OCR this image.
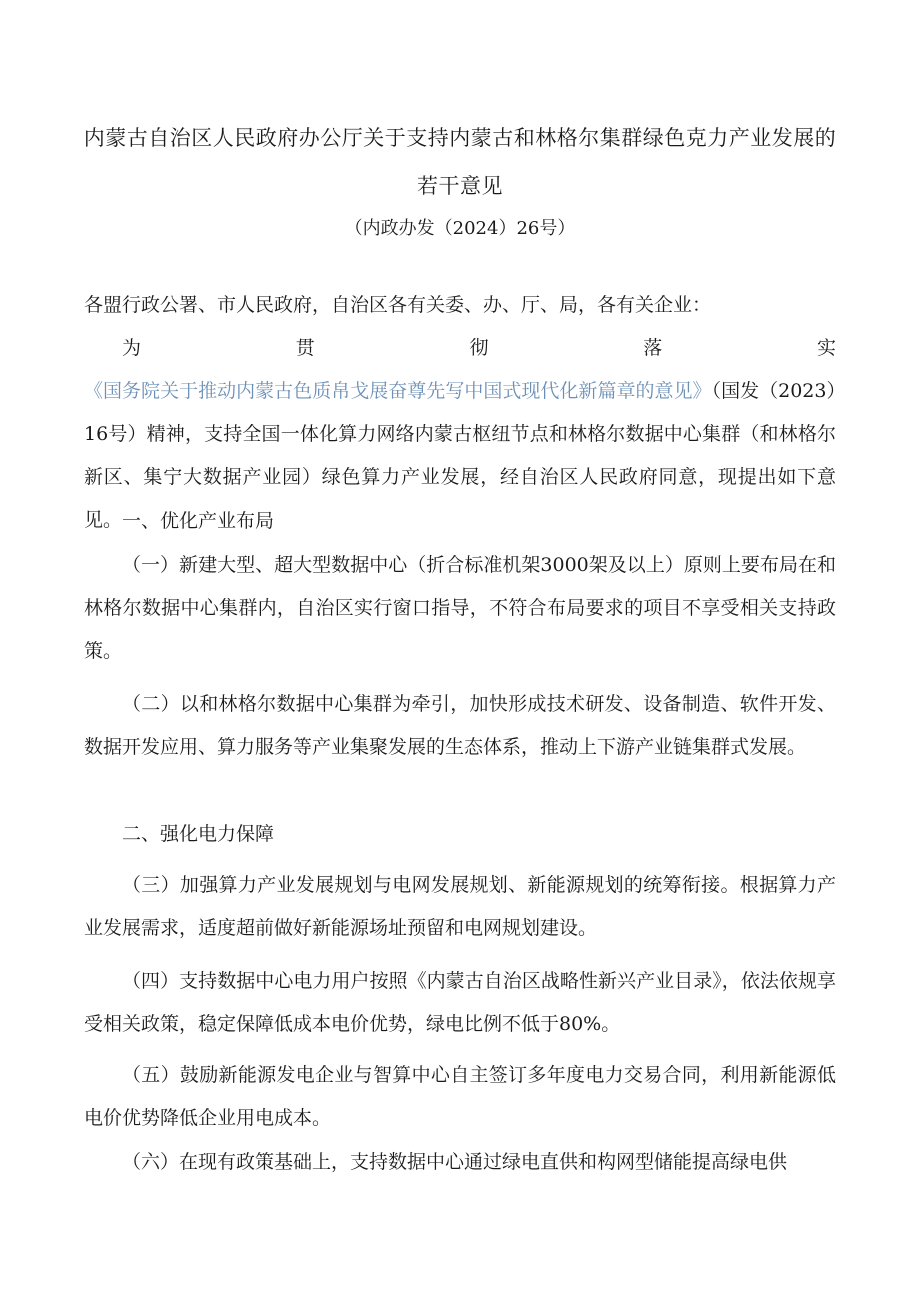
内蒙古自治区人民政府办公厅关于支持内蒙古和林格尔集群绿色克力产业发展的

若干意见

（内政办发（2024）26号）

各盟行政公署、市人民政府，自治区各有关委、办、厅、局，各有关企业：

为贯彻落实《国务院关于推动内蒙古色质帛戈展奋尊先写中国式现代化新篇章的意见》（国发（2023）16号）精神，支持全国一体化算力网络内蒙古枢纽节点和林格尔数据中心集群（和林格尔新区、集宁大数据产业园）绿色算力产业发展，经自治区人民政府同意，现提出如下意见。 一、优化产业布局

（一）新建大型、超大型数据中心（折合标准机架3000架及以上）原则上要布局在和林格尔数据中心集群内，自治区实行窗口指导，不符合布局要求的项目不享受相关支持政策。

（二）以和林格尔数据中心集群为牵引，加快形成技术研发、设备制造、软件开发、数据开发应用、算力服务等产业集聚发展的生态体系，推动上下游产业链集群式发展。

二、强化电力保障

（三）加强算力产业发展规划与电网发展规划、新能源规划的统筹衔接。根据算力产业发展需求，适度超前做好新能源场址预留和电网规划建设。

（四）支持数据中心电力用户按照《内蒙古自治区战略性新兴产业目录》，依法依规享受相关政策，稳定保障低成本电价优势，绿电比例不低于80%。

（五）鼓励新能源发电企业与智算中心自主签订多年度电力交易合同，利用新能源低电价优势降低企业用电成本。

（六）在现有政策基础上，支持数据中心通过绿电直供和构网型储能提高绿电供
